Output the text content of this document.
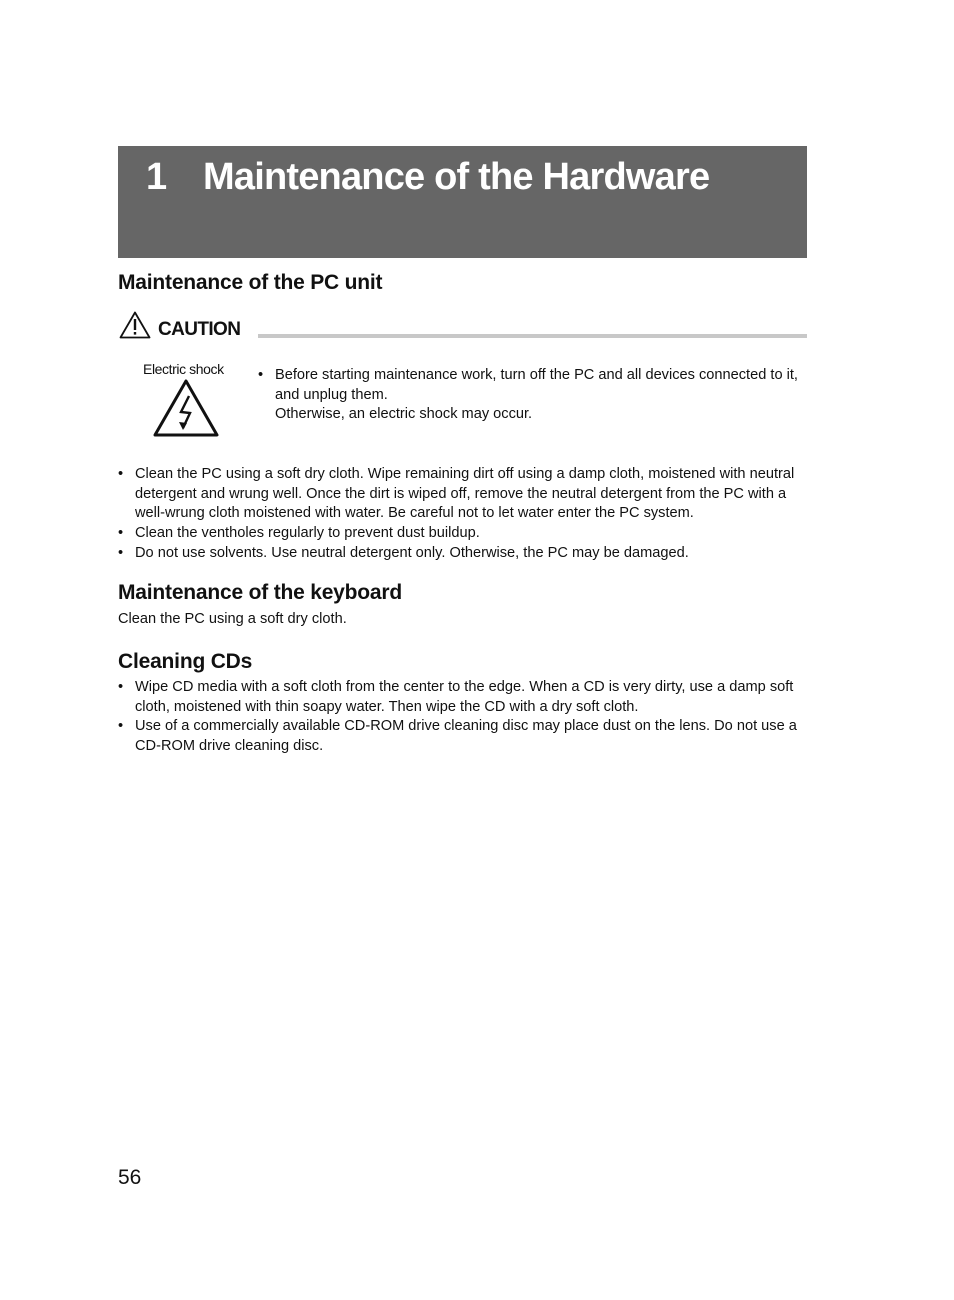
1 Maintenance of the Hardware
Maintenance of the PC unit
CAUTION
Electric shock • Before starting maintenance work, turn off the PC and all devices connected to it, and unplug them.
Otherwise, an electric shock may occur.
• Clean the PC using a soft dry cloth. Wipe remaining dirt off using a damp cloth, moistened with neutral detergent and wrung well. Once the dirt is wiped off, remove the neutral detergent from the PC with a well-wrung cloth moistened with water. Be careful not to let water enter the PC system.
• Clean the ventholes regularly to prevent dust buildup.
• Do not use solvents. Use neutral detergent only. Otherwise, the PC may be damaged.
Maintenance of the keyboard

Clean the PC using a soft dry cloth.

Cleaning CDs
• Wipe CD media with a soft cloth from the center to the edge. When a CD is very dirty, use a damp soft cloth, moistened with thin soapy water. Then wipe the CD with a dry soft cloth.
• Use of a commercially available CD-ROM drive cleaning disc may place dust on the lens. Do not use a CD-ROM drive cleaning disc.
56
